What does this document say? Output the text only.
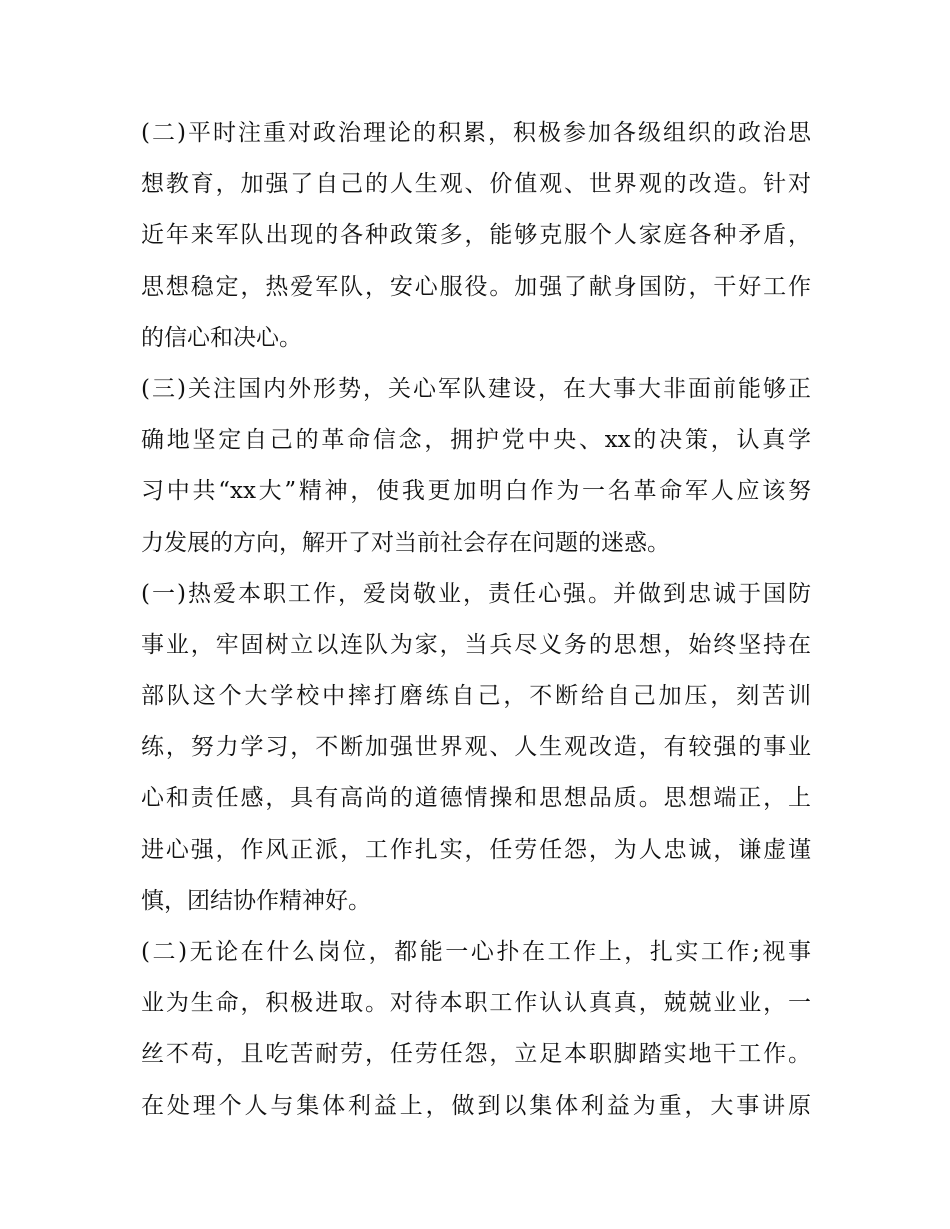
(二)平时注重对政治理论的积累，积极参加各级组织的政治思
想教育，加强了自己的人生观、价值观、世界观的改造。针对
近年来军队出现的各种政策多，能够克服个人家庭各种矛盾，
思想稳定，热爱军队，安心服役。加强了献身国防，干好工作
的信心和决心。
(三)关注国内外形势，关心军队建设，在大事大非面前能够正
确地坚定自己的革命信念，拥护党中央、xx的决策，认真学
习中共“xx大”精神，使我更加明白作为一名革命军人应该努
力发展的方向，解开了对当前社会存在问题的迷惑。
(一)热爱本职工作，爱岗敬业，责任心强。并做到忠诚于国防
事业，牢固树立以连队为家，当兵尽义务的思想，始终坚持在
部队这个大学校中摔打磨练自己，不断给自己加压，刻苦训
练，努力学习，不断加强世界观、人生观改造，有较强的事业
心和责任感，具有高尚的道德情操和思想品质。思想端正，上
进心强，作风正派，工作扎实，任劳任怨，为人忠诚，谦虚谨
慎，团结协作精神好。
(二)无论在什么岗位，都能一心扑在工作上，扎实工作;视事
业为生命，积极进取。对待本职工作认认真真，兢兢业业，一
丝不苟，且吃苦耐劳，任劳任怨，立足本职脚踏实地干工作。
在处理个人与集体利益上，做到以集体利益为重，大事讲原
